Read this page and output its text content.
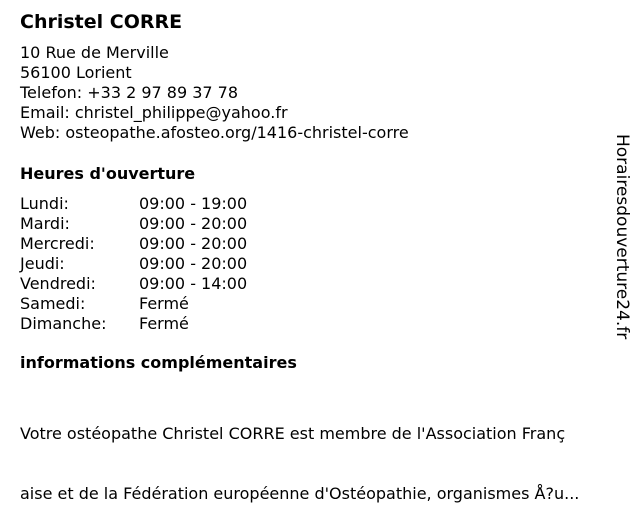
Christel CORRE
10 Rue de Merville
56100 Lorient
Telefon: +33 2 97 89 37 78
Email: christel_philippe@yahoo.fr
Web: osteopathe.afosteo.org/1416-christel-corre
Heures d'ouverture
Lundi:	09:00 - 19:00
Mardi:	09:00 - 20:00
Mercredi:	09:00 - 20:00
Jeudi:	09:00 - 20:00
Vendredi:	09:00 - 14:00
Samedi:	Fermé
Dimanche:	Fermé
informations complémentaires

Votre ostéopathe Christel CORRE est membre de l'Association Franç

aise et de la Fédération européenne d'Ostéopathie, organismes Å?u...

Horairesdouverture24.fr
